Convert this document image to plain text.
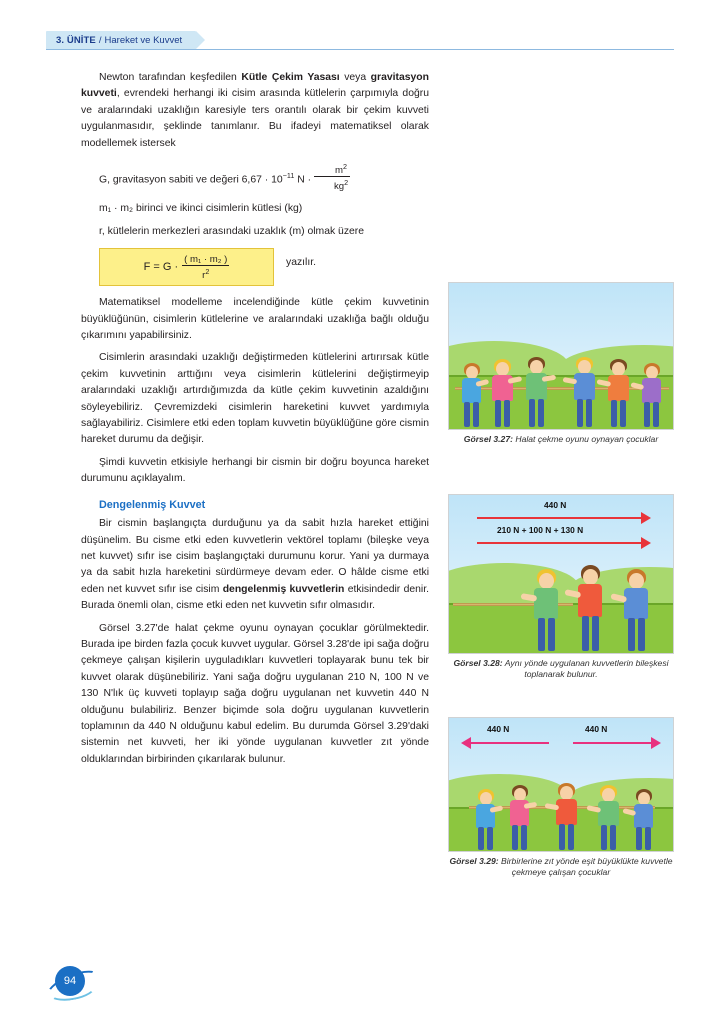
3. ÜNİTE / Hareket ve Kuvvet

Newton tarafından keşfedilen Kütle Çekim Yasası veya gravitasyon kuvveti, evrendeki herhangi iki cisim arasında kütlelerin çarpımıyla doğru ve aralarındaki uzaklığın karesiyle ters orantılı olarak bir çekim kuvveti uygulanmasıdır, şeklinde tanımlanır. Bu ifadeyi matematiksel olarak modellemek istersek

G, gravitasyon sabiti ve değeri $6,67 \cdot 10^{-11}$ $N \cdot \frac{m^2}{kg^2}$

m₁ · m₂ birinci ve ikinci cisimlerin kütlesi (kg)

r, kütlelerin merkezleri arasındaki uzaklık (m) olmak üzere

$F = G \cdot \frac{\text{( m₁ · m₂ )}}{r^2}$	yazılır.

Matematiksel modelleme incelendiğinde kütle çekim kuvvetinin büyüklüğünün, cisimlerin kütlelerine ve aralarındaki uzaklığa bağlı olduğu çıkarımını yapabilirsiniz.

Cisimlerin arasındaki uzaklığı değiştirmeden kütlelerini artırırsak kütle çekim kuvvetinin arttığını veya cisimlerin kütlelerini değiştirmeyip aralarındaki uzaklığı artırdığımızda da kütle çekim kuvvetinin azaldığını söyleyebiliriz. Çevremizdeki cisimlerin hareketini kuvvet yardımıyla sağlayabiliriz. Cisimlere etki eden toplam kuvvetin büyüklüğüne göre cismin hareket durumu da değişir.

Şimdi kuvvetin etkisiyle herhangi bir cismin bir doğru boyunca hareket durumunu açıklayalım.

Dengelenmiş Kuvvet

Bir cismin başlangıçta durduğunu ya da sabit hızla hareket ettiğini düşünelim. Bu cisme etki eden kuvvetlerin vektörel toplamı (bileşke veya net kuvvet) sıfır ise cisim başlangıçtaki durumunu korur. Yani ya durmaya ya da sabit hızla hareketini sürdürmeye devam eder. O hâlde cisme etki eden net kuvvet sıfır ise cisim dengelenmiş kuvvetlerin etkisindedir denir. Burada önemli olan, cisme etki eden net kuvvetin sıfır olmasıdır.

Görsel 3.27'de halat çekme oyunu oynayan çocuklar görülmektedir. Burada ipe birden fazla çocuk kuvvet uygular. Görsel 3.28'de ipi sağa doğru çekmeye çalışan kişilerin uyguladıkları kuvvetleri toplayarak bunu tek bir kuvvet olarak düşünebiliriz. Yani sağa doğru uygulanan 210 N, 100 N ve 130 N'lık üç kuvveti toplayıp sağa doğru uygulanan net kuvvetin 440 N olduğunu bulabiliriz. Benzer biçimde sola doğru uygulanan kuvvetlerin toplamının da 440 N olduğunu kabul edelim. Bu durumda Görsel 3.29'daki sistemin net kuvveti, her iki yönde uygulanan kuvvetler zıt yönde olduklarından birbirinden çıkarılarak bulunur.

Görsel 3.27: Halat çekme oyunu oynayan çocuklar
440 N
210 N + 100 N + 130 N
Görsel 3.28: Aynı yönde uygulanan kuvvetlerin bileşkesi toplanarak bulunur.
440 N	440 N
Görsel 3.29: Birbirlerine zıt yönde eşit büyüklükte kuvvetle çekmeye çalışan çocuklar
94
